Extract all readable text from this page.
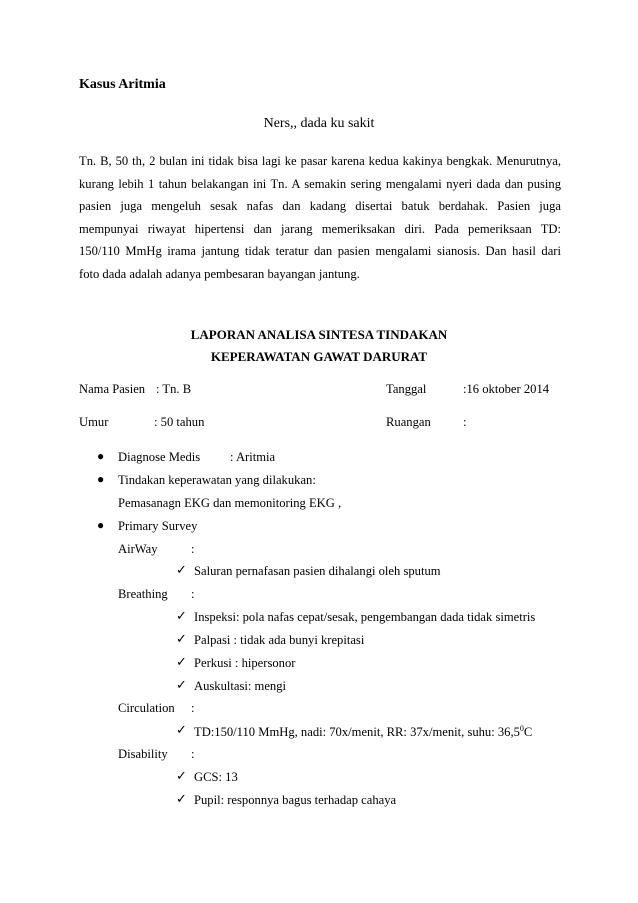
Kasus Aritmia
Ners,, dada ku sakit
Tn. B, 50 th, 2 bulan ini tidak bisa lagi ke pasar karena kedua kakinya bengkak. Menurutnya,
kurang lebih 1 tahun belakangan ini Tn. A semakin sering mengalami nyeri dada dan pusing
pasien juga mengeluh sesak nafas dan kadang disertai batuk berdahak. Pasien juga
mempunyai riwayat hipertensi dan jarang memeriksakan diri. Pada pemeriksaan TD:
150/110 MmHg irama jantung tidak teratur dan pasien mengalami sianosis. Dan hasil dari
foto dada adalah adanya pembesaran bayangan jantung.
LAPORAN ANALISA SINTESA TINDAKAN
KEPERAWATAN GAWAT DARURAT
Nama Pasien : Tn. B	Tanggal	:16 oktober 2014
Umur	: 50 tahun	Ruangan	:
● Diagnose Medis : Aritmia
● Tindakan keperawatan yang dilakukan:
Pemasanagn EKG dan memonitoring EKG ,
● Primary Survey
AirWay	:
✓ Saluran pernafasan pasien dihalangi oleh sputum
Breathing :
✓ Inspeksi: pola nafas cepat/sesak, pengembangan dada tidak simetris
✓ Palpasi : tidak ada bunyi krepitasi
✓ Perkusi : hipersonor
✓ Auskultasi: mengi
Circulation :
✓ TD:150/110 MmHg, nadi: 70x/menit, RR: 37x/menit, suhu: 36,5$^0$C
Disability :
✓ GCS: 13
✓ Pupil: responnya bagus terhadap cahaya
